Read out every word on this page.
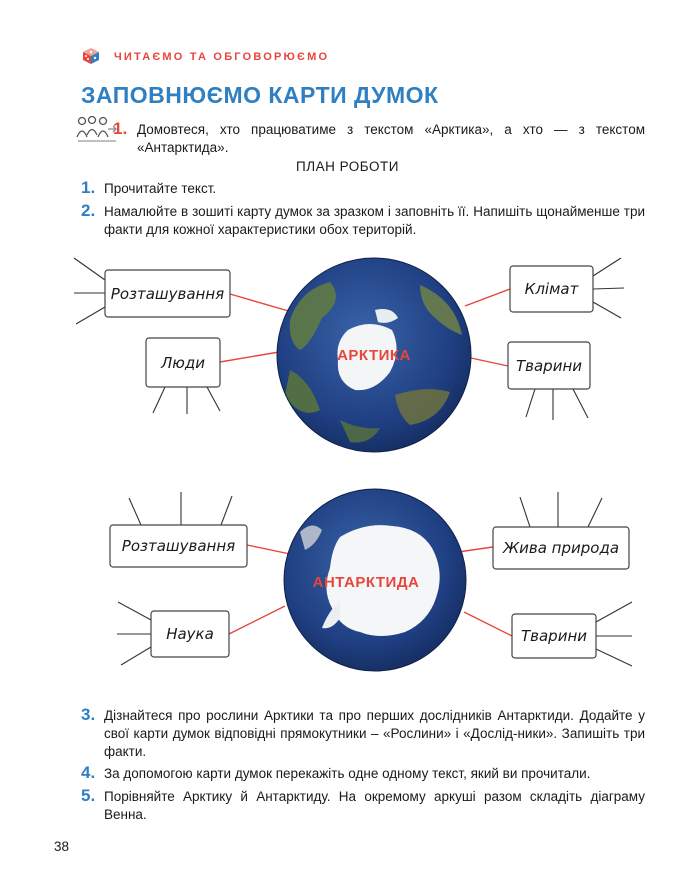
ЧИТАЄМО ТА ОБГОВОРЮЄМО
ЗАПОВНЮЄМО КАРТИ ДУМОК
1. Домовтеся, хто працюватиме з текстом «Арктика», а хто — з текстом «Антарктида».
ПЛАН РОБОТИ
1. Прочитайте текст.
2. Намалюйте в зошиті карту думок за зразком і заповніть її. Напишіть щонайменше три факти для кожної характеристики обох територій.
Розташування	Клімат
Люди	Тварини
АРКТИКА
Розташування	Жива природа
Наука	Тварини
АНТАРКТИДА
3. Дізнайтеся про рослини Арктики та про перших дослідників Антарктиди. Додайте у свої карти думок відповідні прямокутники – «Рослини» і «Дослід-ники». Запишіть три факти.
4. За допомогою карти думок перекажіть одне одному текст, який ви прочитали.
5. Порівняйте Арктику й Антарктиду. На окремому аркуші разом складіть діаграму Венна.
38
